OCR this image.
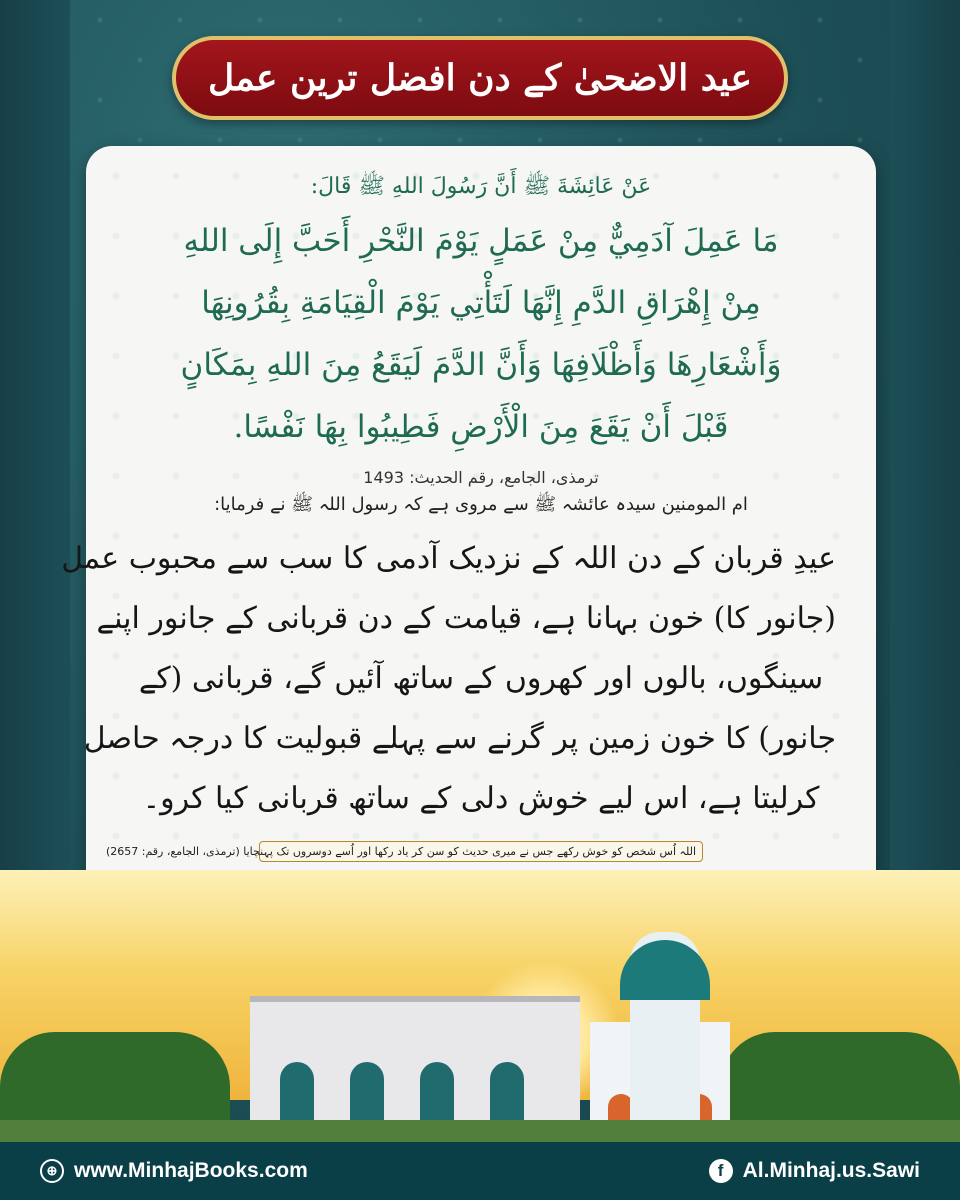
عید الاضحیٰ کے دن افضل ترین عمل

عَنْ عَائِشَةَ ﷺ أَنَّ رَسُولَ اللهِ ﷺ قَالَ:

مَا عَمِلَ آدَمِيٌّ مِنْ عَمَلٍ يَوْمَ النَّحْرِ أَحَبَّ إِلَى اللهِ

مِنْ إِهْرَاقِ الدَّمِ إِنَّهَا لَتَأْتِي يَوْمَ الْقِيَامَةِ بِقُرُونِهَا

وَأَشْعَارِهَا وَأَظْلَافِهَا وَأَنَّ الدَّمَ لَيَقَعُ مِنَ اللهِ بِمَكَانٍ

قَبْلَ أَنْ يَقَعَ مِنَ الْأَرْضِ فَطِيبُوا بِهَا نَفْسًا.

ترمذی، الجامع، رقم الحدیث: 1493

ام المومنین سیدہ عائشہ ﷺ سے مروی ہے کہ رسول اللہ ﷺ نے فرمایا:

عیدِ قربان کے دن اللہ کے نزدیک آدمی کا سب سے محبوب عمل

(جانور کا) خون بہانا ہے، قیامت کے دن قربانی کے جانور اپنے

سینگوں، بالوں اور کھروں کے ساتھ آئیں گے، قربانی (کے

جانور) کا خون زمین پر گرنے سے پہلے قبولیت کا درجہ حاصل

کرلیتا ہے، اس لیے خوش دلی کے ساتھ قربانی کیا کرو۔

اللہ اُس شخص کو خوش رکھے جس نے میری حدیث کو سن کر یاد رکھا اور اُسے دوسروں تک پہنچایا (ترمذی، الجامع، رقم: 2657)
⊕ www.MinhajBooks.com	f Al.Minhaj.us.Sawi
